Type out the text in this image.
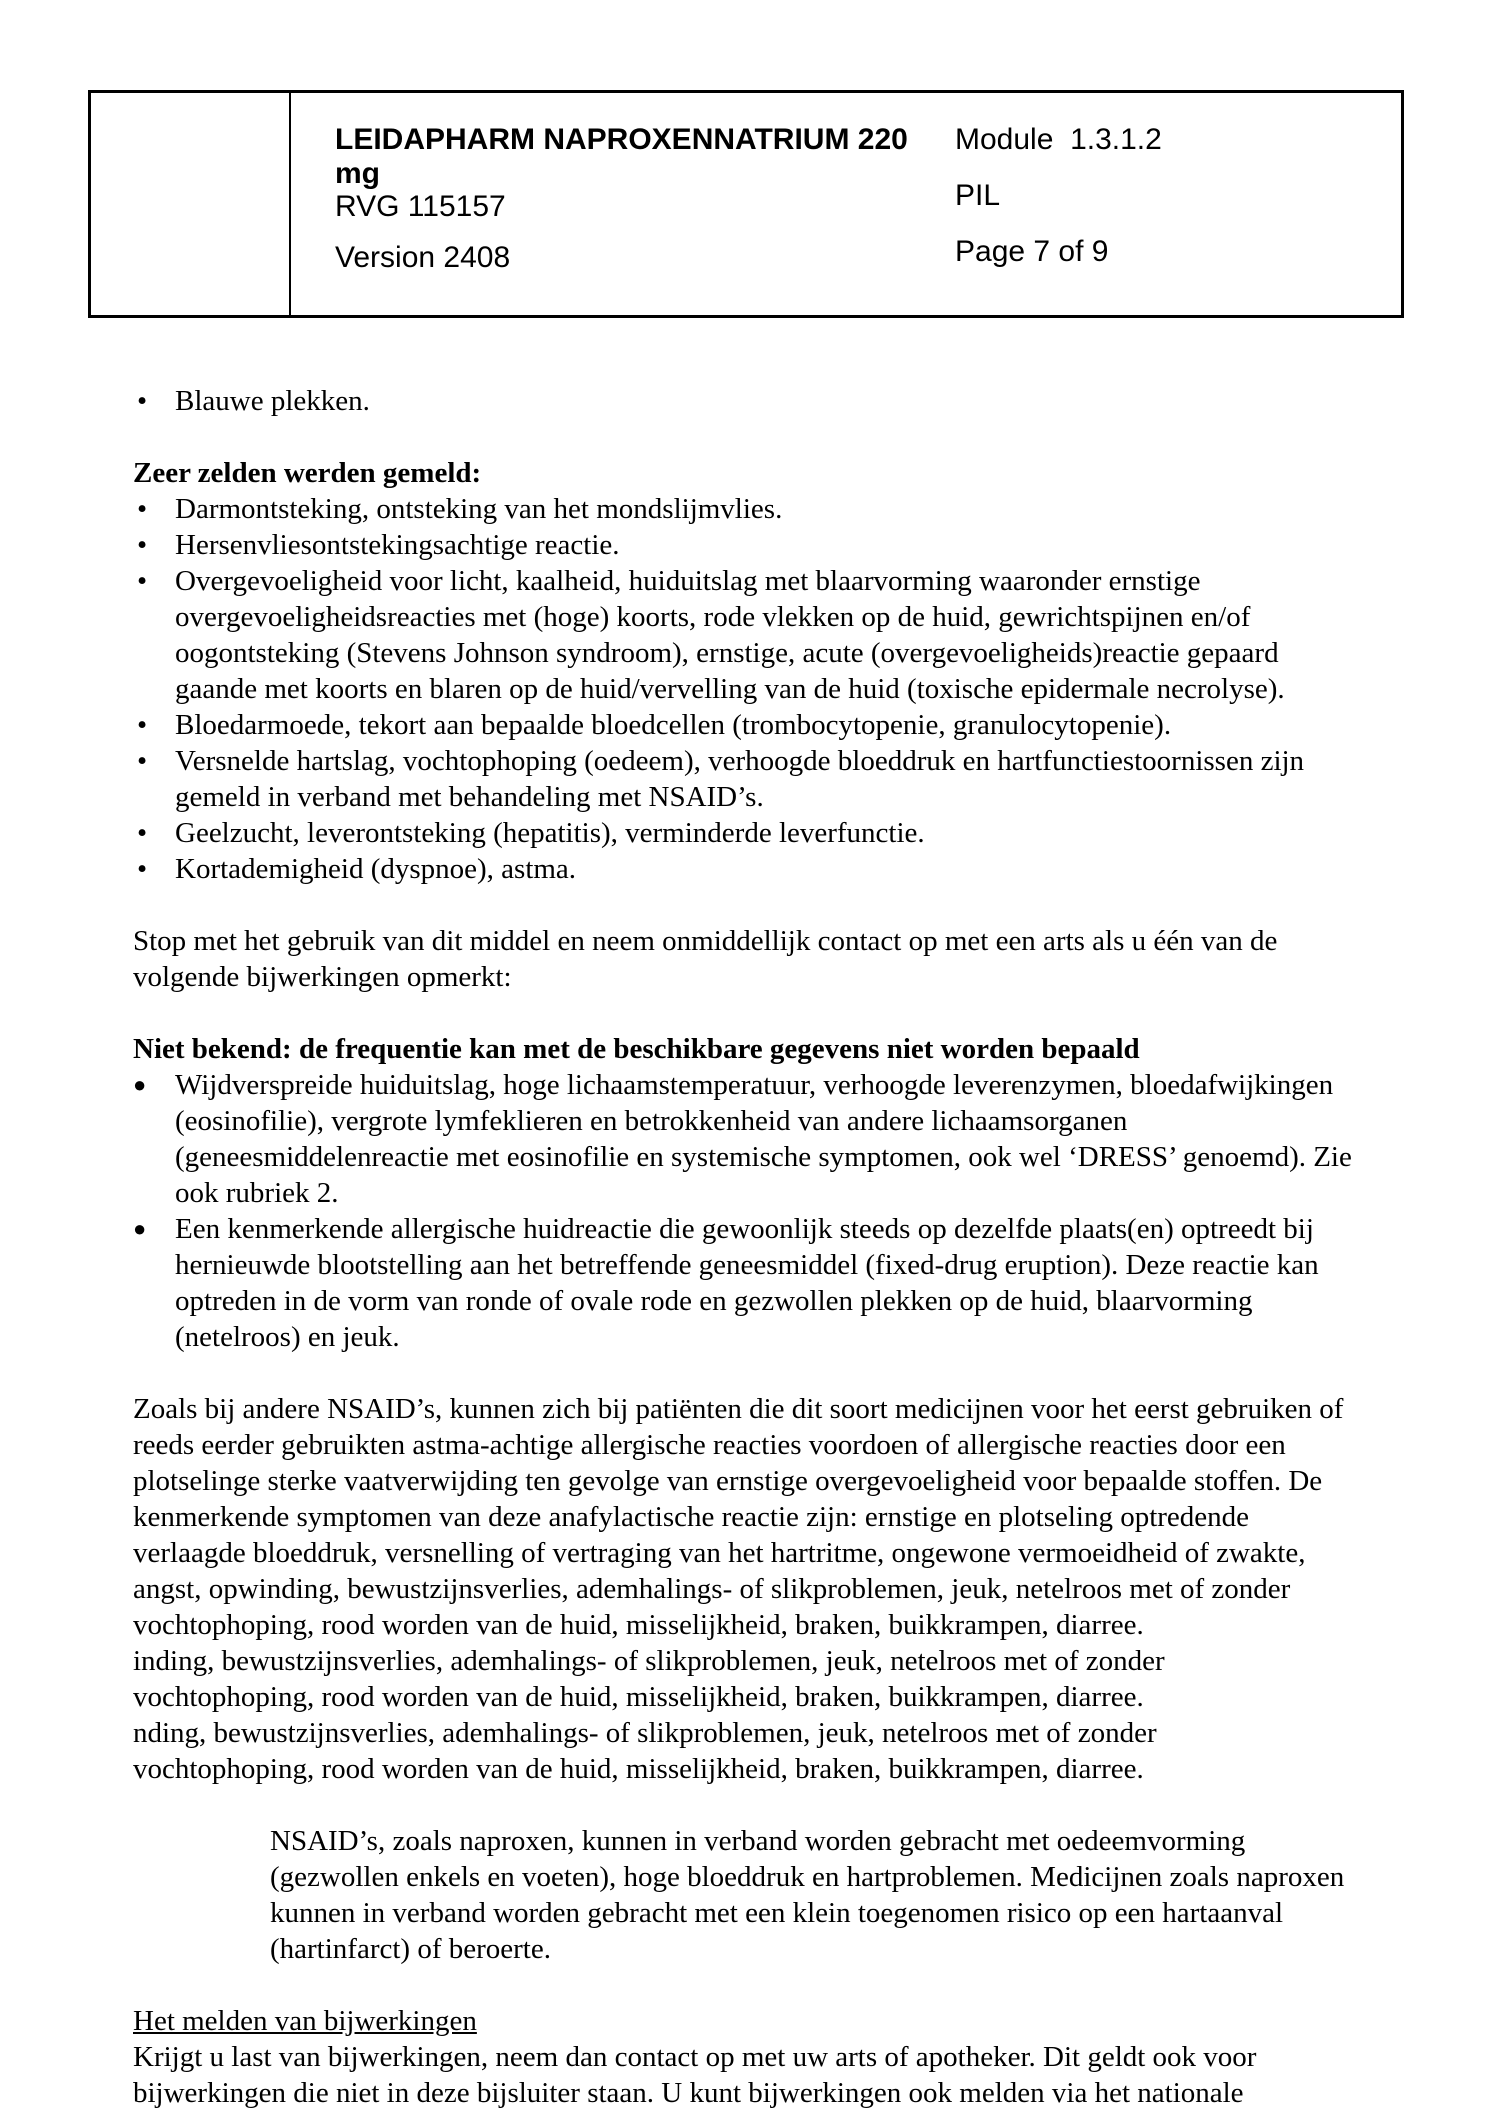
LEIDAPHARM NAPROXENNATRIUM 220 mg
RVG 115157
Version 2408
Module  1.3.1.2
PIL
Page 7 of 9
• Blauwe plekken.
Zeer zelden werden gemeld:
• Darmontsteking, ontsteking van het mondslijmvlies.
• Hersenvliesontstekingsachtige reactie.
• Overgevoeligheid voor licht, kaalheid, huiduitslag met blaarvorming waaronder ernstige overgevoeligheidsreacties met (hoge) koorts, rode vlekken op de huid, gewrichtspijnen en/of oogontsteking (Stevens Johnson syndroom), ernstige, acute (overgevoeligheids)reactie gepaard gaande met koorts en blaren op de huid/vervelling van de huid (toxische epidermale necrolyse).
• Bloedarmoede, tekort aan bepaalde bloedcellen (trombocytopenie, granulocytopenie).
• Versnelde hartslag, vochtophoping (oedeem), verhoogde bloeddruk en hartfunctiestoornissen zijn gemeld in verband met behandeling met NSAID’s.
• Geelzucht, leverontsteking (hepatitis), verminderde leverfunctie.
• Kortademigheid (dyspnoe), astma.
Stop met het gebruik van dit middel en neem onmiddellijk contact op met een arts als u één van de volgende bijwerkingen opmerkt:
Niet bekend: de frequentie kan met de beschikbare gegevens niet worden bepaald
● Wijdverspreide huiduitslag, hoge lichaamstemperatuur, verhoogde leverenzymen, bloedafwijkingen (eosinofilie), vergrote lymfeklieren en betrokkenheid van andere lichaamsorganen (geneesmiddelenreactie met eosinofilie en systemische symptomen, ook wel ‘DRESS’ genoemd). Zie ook rubriek 2.
● Een kenmerkende allergische huidreactie die gewoonlijk steeds op dezelfde plaats(en) optreedt bij hernieuwde blootstelling aan het betreffende geneesmiddel (fixed-drug eruption). Deze reactie kan optreden in de vorm van ronde of ovale rode en gezwollen plekken op de huid, blaarvorming (netelroos) en jeuk.
Zoals bij andere NSAID’s, kunnen zich bij patiënten die dit soort medicijnen voor het eerst gebruiken of reeds eerder gebruikten astma-achtige allergische reacties voordoen of allergische reacties door een plotselinge sterke vaatverwijding ten gevolge van ernstige overgevoeligheid voor bepaalde stoffen. De kenmerkende symptomen van deze anafylactische reactie zijn: ernstige en plotseling optredende verlaagde bloeddruk, versnelling of vertraging van het hartritme, ongewone vermoeidheid of zwakte, angst, opwinding, bewustzijnsverlies, ademhalings- of slikproblemen, jeuk, netelroos met of zonder vochtophoping, rood worden van de huid, misselijkheid, braken, buikkrampen, diarree.
inding, bewustzijnsverlies, ademhalings- of slikproblemen, jeuk, netelroos met of zonder
vochtophoping, rood worden van de huid, misselijkheid, braken, buikkrampen, diarree.
nding, bewustzijnsverlies, ademhalings- of slikproblemen, jeuk, netelroos met of zonder
vochtophoping, rood worden van de huid, misselijkheid, braken, buikkrampen, diarree.
NSAID’s, zoals naproxen, kunnen in verband worden gebracht met oedeemvorming (gezwollen enkels en voeten), hoge bloeddruk en hartproblemen. Medicijnen zoals naproxen kunnen in verband worden gebracht met een klein toegenomen risico op een hartaanval (hartinfarct) of beroerte.
Het melden van bijwerkingen
Krijgt u last van bijwerkingen, neem dan contact op met uw arts of apotheker. Dit geldt ook voor bijwerkingen die niet in deze bijsluiter staan. U kunt bijwerkingen ook melden via het nationale
